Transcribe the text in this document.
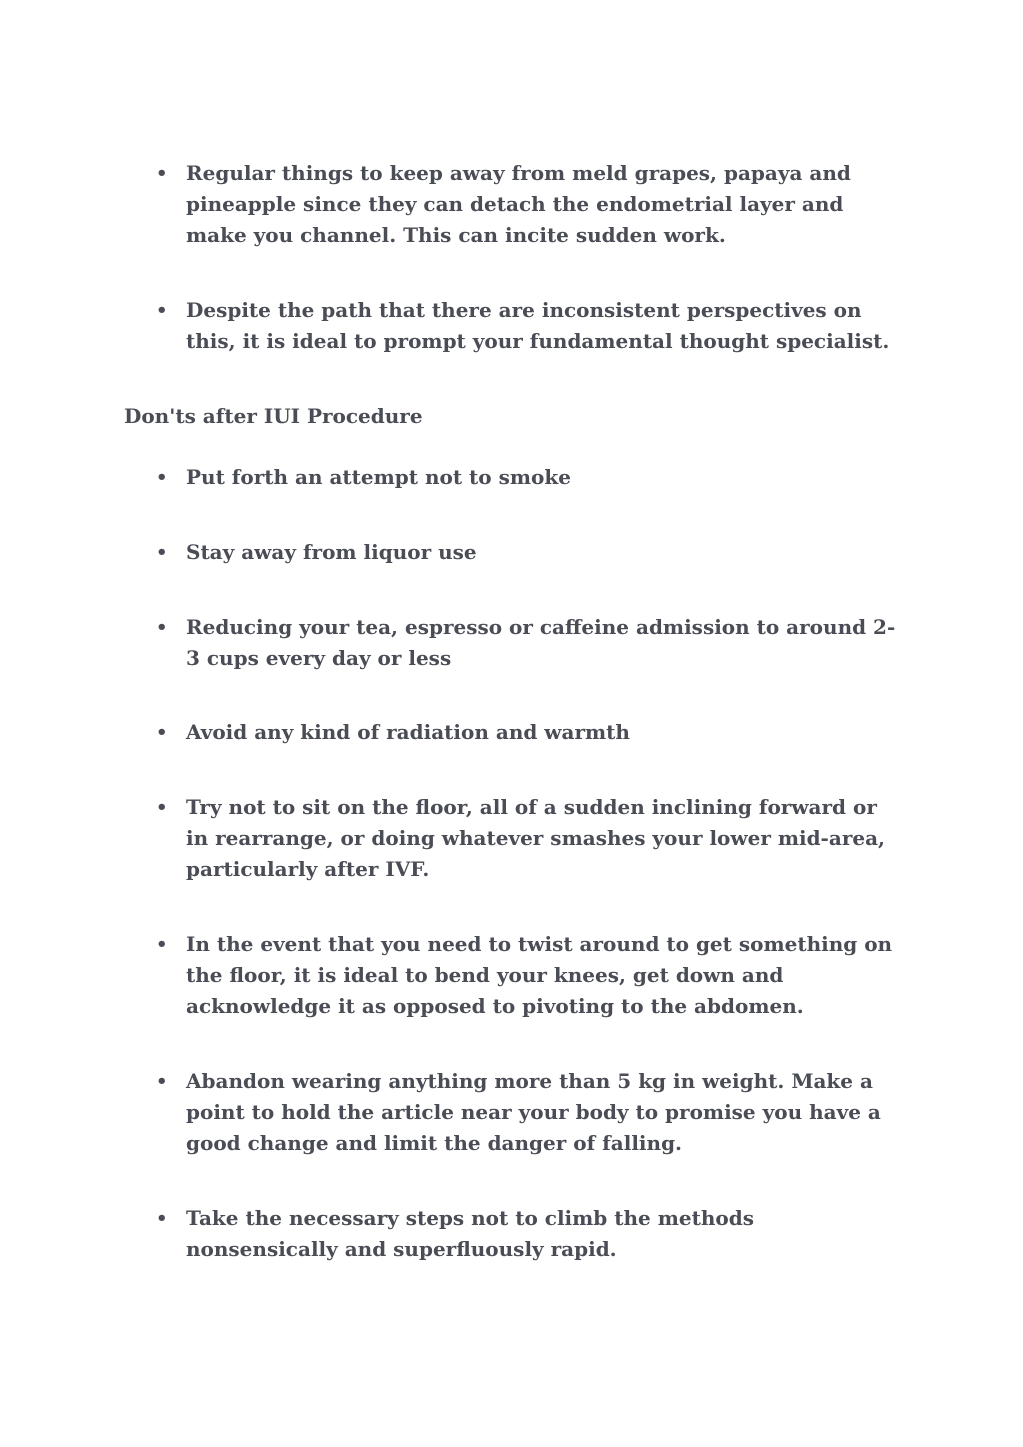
• Regular things to keep away from meld grapes, papaya and pineapple since they can detach the endometrial layer and make you channel. This can incite sudden work.
• Despite the path that there are inconsistent perspectives on this, it is ideal to prompt your fundamental thought specialist.

Don'ts after IUI Procedure

• Put forth an attempt not to smoke
• Stay away from liquor use
• Reducing your tea, espresso or caffeine admission to around 2-3 cups every day or less
• Avoid any kind of radiation and warmth
• Try not to sit on the floor, all of a sudden inclining forward or in rearrange, or doing whatever smashes your lower mid-area, particularly after IVF.
• In the event that you need to twist around to get something on the floor, it is ideal to bend your knees, get down and acknowledge it as opposed to pivoting to the abdomen.
• Abandon wearing anything more than 5 kg in weight. Make a point to hold the article near your body to promise you have a good change and limit the danger of falling.
• Take the necessary steps not to climb the methods nonsensically and superfluously rapid.
